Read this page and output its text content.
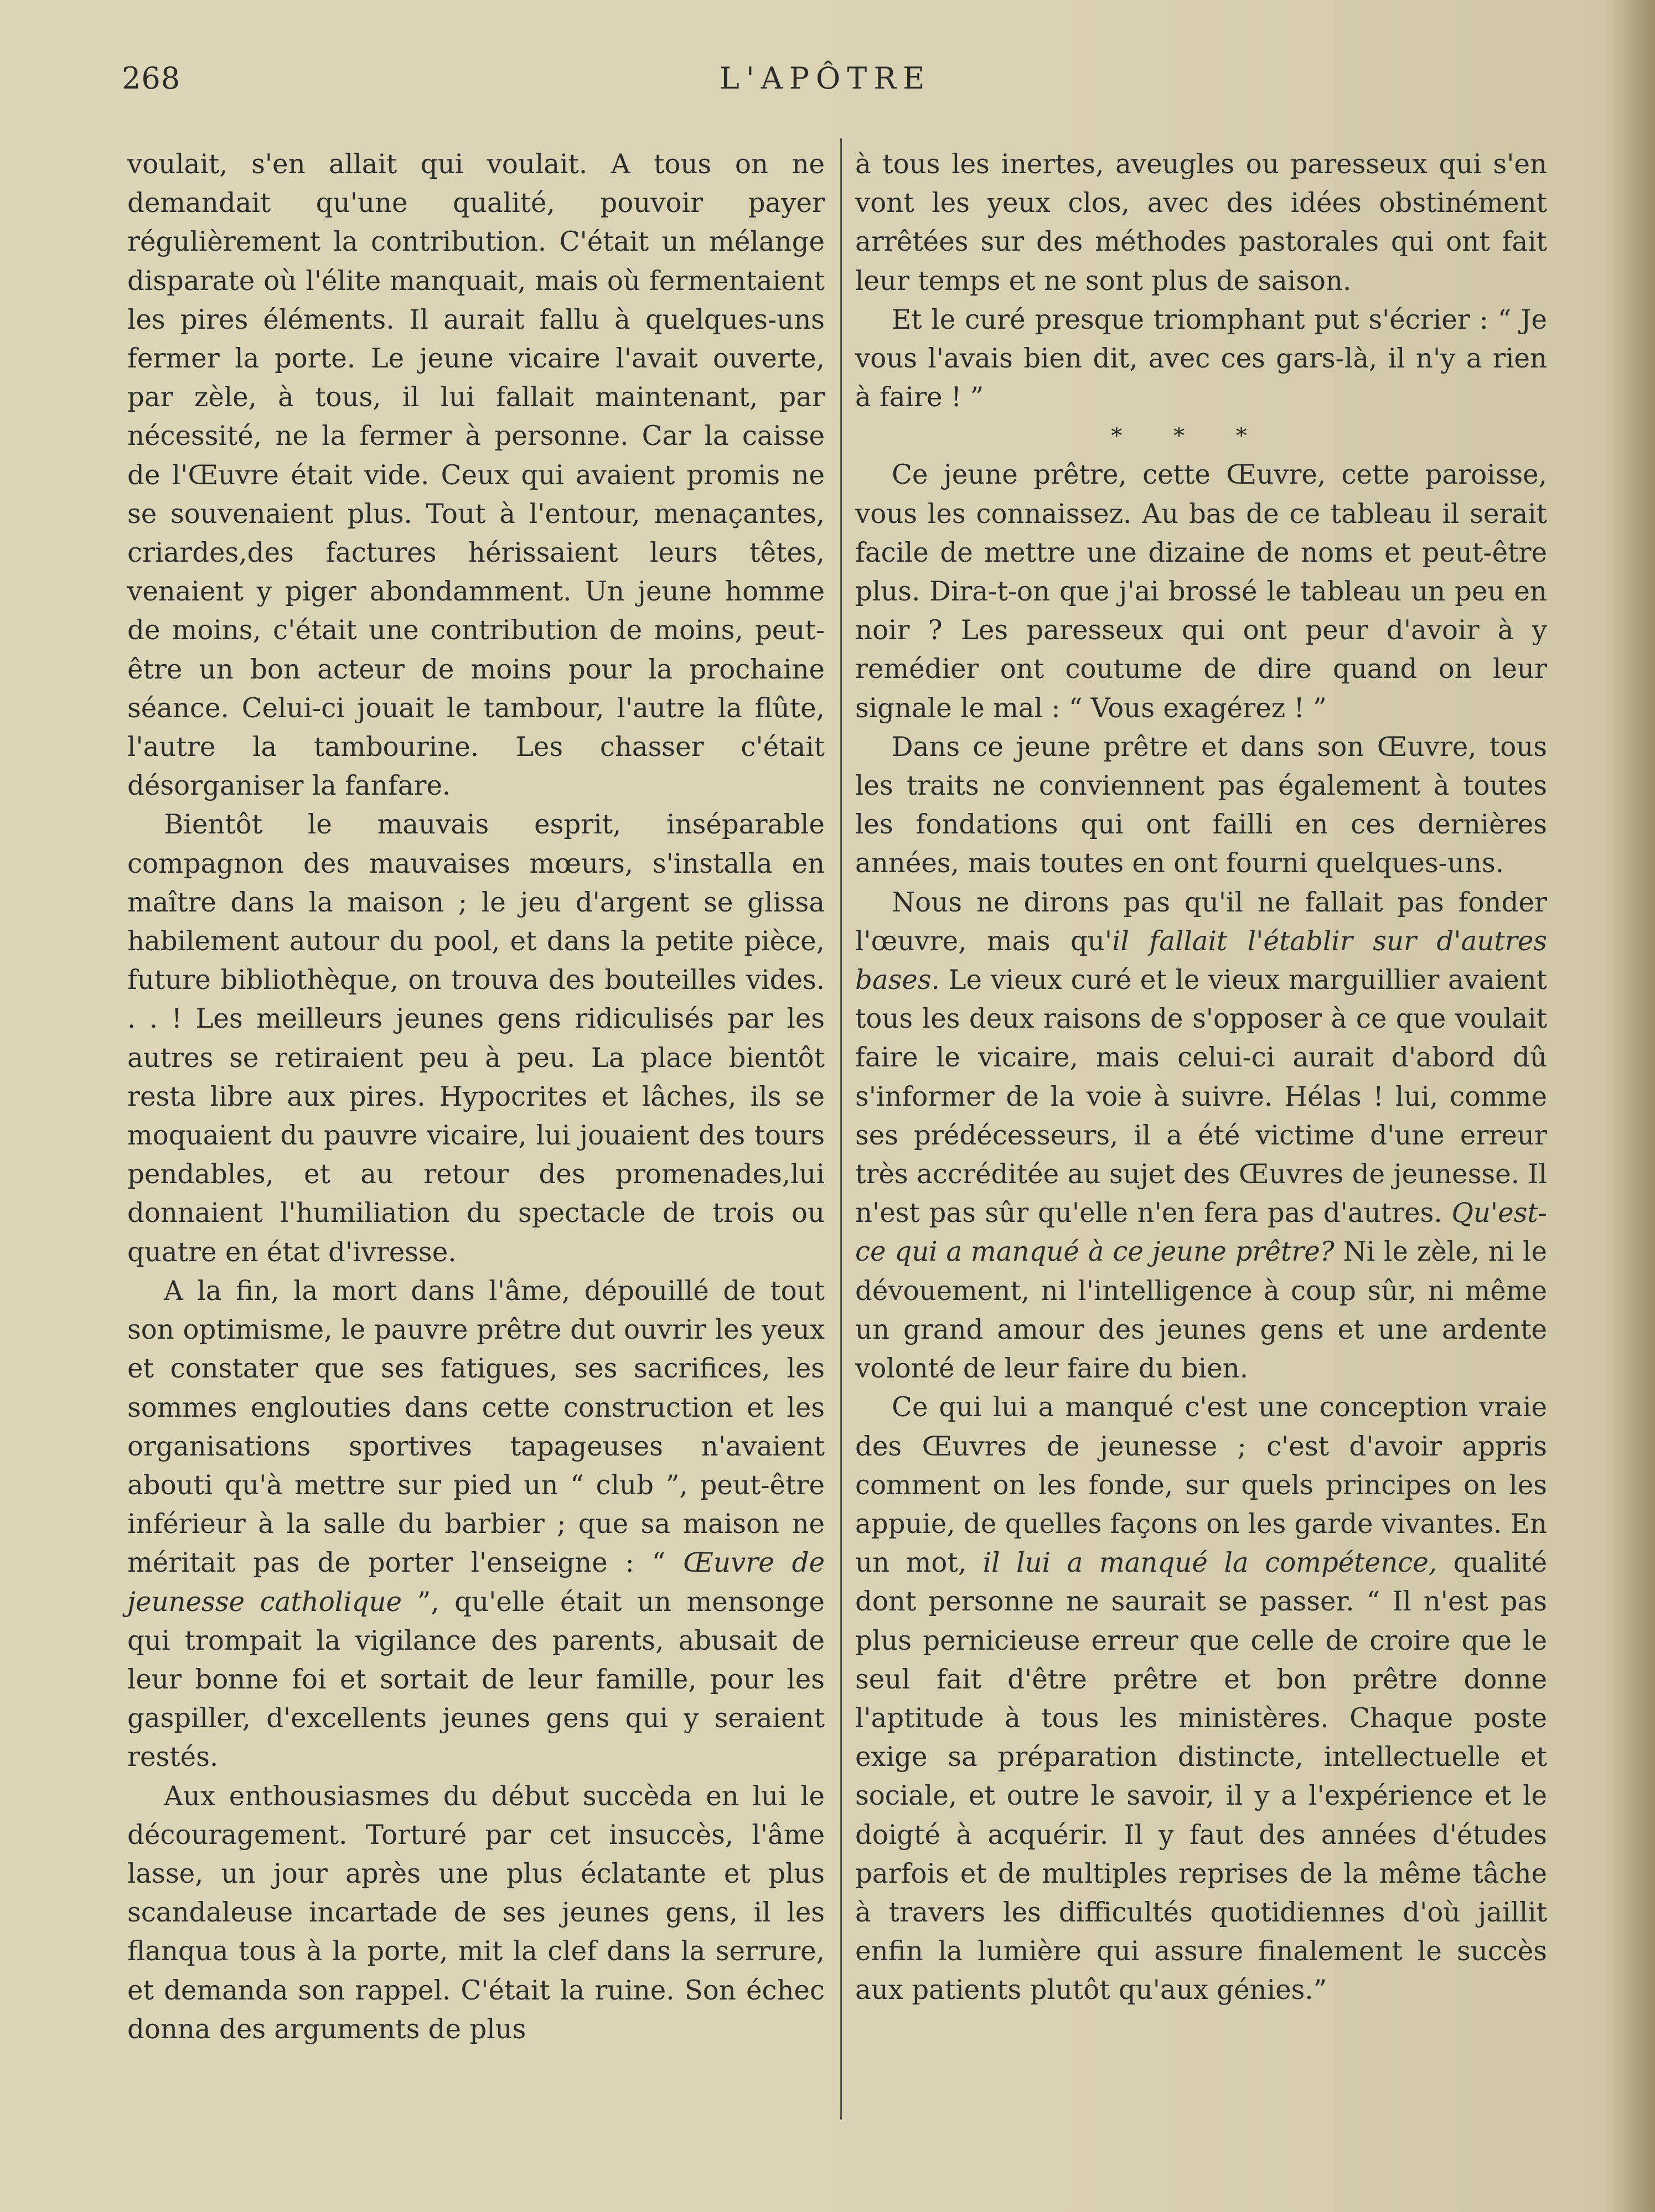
268	L'APÔTRE

voulait, s'en allait qui voulait. A tous on ne demandait qu'une qualité, pouvoir payer régulièrement la contribution. C'était un mélange disparate où l'élite manquait, mais où fermentaient les pires éléments. Il aurait fallu à quelques-uns fermer la porte. Le jeune vicaire l'avait ouverte, par zèle, à tous, il lui fallait maintenant, par nécessité, ne la fermer à personne. Car la caisse de l'Œuvre était vide. Ceux qui avaient promis ne se souvenaient plus. Tout à l'entour, menaçantes, criardes,des factures hérissaient leurs têtes, venaient y piger abondamment. Un jeune homme de moins, c'était une contribution de moins, peut-être un bon acteur de moins pour la prochaine séance. Celui-ci jouait le tambour, l'autre la flûte, l'autre la tambourine. Les chasser c'était désorganiser la fanfare.

Bientôt le mauvais esprit, inséparable compagnon des mauvaises mœurs, s'installa en maître dans la maison ; le jeu d'argent se glissa habilement autour du pool, et dans la petite pièce, future bibliothèque, on trouva des bouteilles vides. . . ! Les meilleurs jeunes gens ridiculisés par les autres se retiraient peu à peu. La place bientôt resta libre aux pires. Hypocrites et lâches, ils se moquaient du pauvre vicaire, lui jouaient des tours pendables, et au retour des promenades,lui donnaient l'humiliation du spectacle de trois ou quatre en état d'ivresse.

A la fin, la mort dans l'âme, dépouillé de tout son optimisme, le pauvre prêtre dut ouvrir les yeux et constater que ses fatigues, ses sacrifices, les sommes englouties dans cette construction et les organisations sportives tapageuses n'avaient abouti qu'à mettre sur pied un “ club ”, peut-être inférieur à la salle du barbier ; que sa maison ne méritait pas de porter l'enseigne : “ Œuvre de jeunesse catholique ”, qu'elle était un mensonge qui trompait la vigilance des parents, abusait de leur bonne foi et sortait de leur famille, pour les gaspiller, d'excellents jeunes gens qui y seraient restés.

Aux enthousiasmes du début succèda en lui le découragement. Torturé par cet insuccès, l'âme lasse, un jour après une plus éclatante et plus scandaleuse incartade de ses jeunes gens, il les flanqua tous à la porte, mit la clef dans la serrure, et demanda son rappel. C'était la ruine. Son échec donna des arguments de plus

à tous les inertes, aveugles ou paresseux qui s'en vont les yeux clos, avec des idées obstinément arrêtées sur des méthodes pastorales qui ont fait leur temps et ne sont plus de saison.

Et le curé presque triomphant put s'écrier : “ Je vous l'avais bien dit, avec ces gars-là, il n'y a rien à faire ! ”

* * *

Ce jeune prêtre, cette Œuvre, cette paroisse, vous les connaissez. Au bas de ce tableau il serait facile de mettre une dizaine de noms et peut-être plus. Dira-t-on que j'ai brossé le tableau un peu en noir ? Les paresseux qui ont peur d'avoir à y remédier ont coutume de dire quand on leur signale le mal : “ Vous exagérez ! ”

Dans ce jeune prêtre et dans son Œuvre, tous les traits ne conviennent pas également à toutes les fondations qui ont failli en ces dernières années, mais toutes en ont fourni quelques-uns.

Nous ne dirons pas qu'il ne fallait pas fonder l'œuvre, mais qu'il fallait l'établir sur d'autres bases. Le vieux curé et le vieux marguillier avaient tous les deux raisons de s'opposer à ce que voulait faire le vicaire, mais celui-ci aurait d'abord dû s'informer de la voie à suivre. Hélas ! lui, comme ses prédécesseurs, il a été victime d'une erreur très accréditée au sujet des Œuvres de jeunesse. Il n'est pas sûr qu'elle n'en fera pas d'autres. Qu'est-ce qui a manqué à ce jeune prêtre? Ni le zèle, ni le dévouement, ni l'intelligence à coup sûr, ni même un grand amour des jeunes gens et une ardente volonté de leur faire du bien.

Ce qui lui a manqué c'est une conception vraie des Œuvres de jeunesse ; c'est d'avoir appris comment on les fonde, sur quels principes on les appuie, de quelles façons on les garde vivantes. En un mot, il lui a manqué la compétence, qualité dont personne ne saurait se passer. “ Il n'est pas plus pernicieuse erreur que celle de croire que le seul fait d'être prêtre et bon prêtre donne l'aptitude à tous les ministères. Chaque poste exige sa préparation distincte, intellectuelle et sociale, et outre le savoir, il y a l'expérience et le doigté à acquérir. Il y faut des années d'études parfois et de multiples reprises de la même tâche à travers les difficultés quotidiennes d'où jaillit enfin la lumière qui assure finalement le succès aux patients plutôt qu'aux génies.”
